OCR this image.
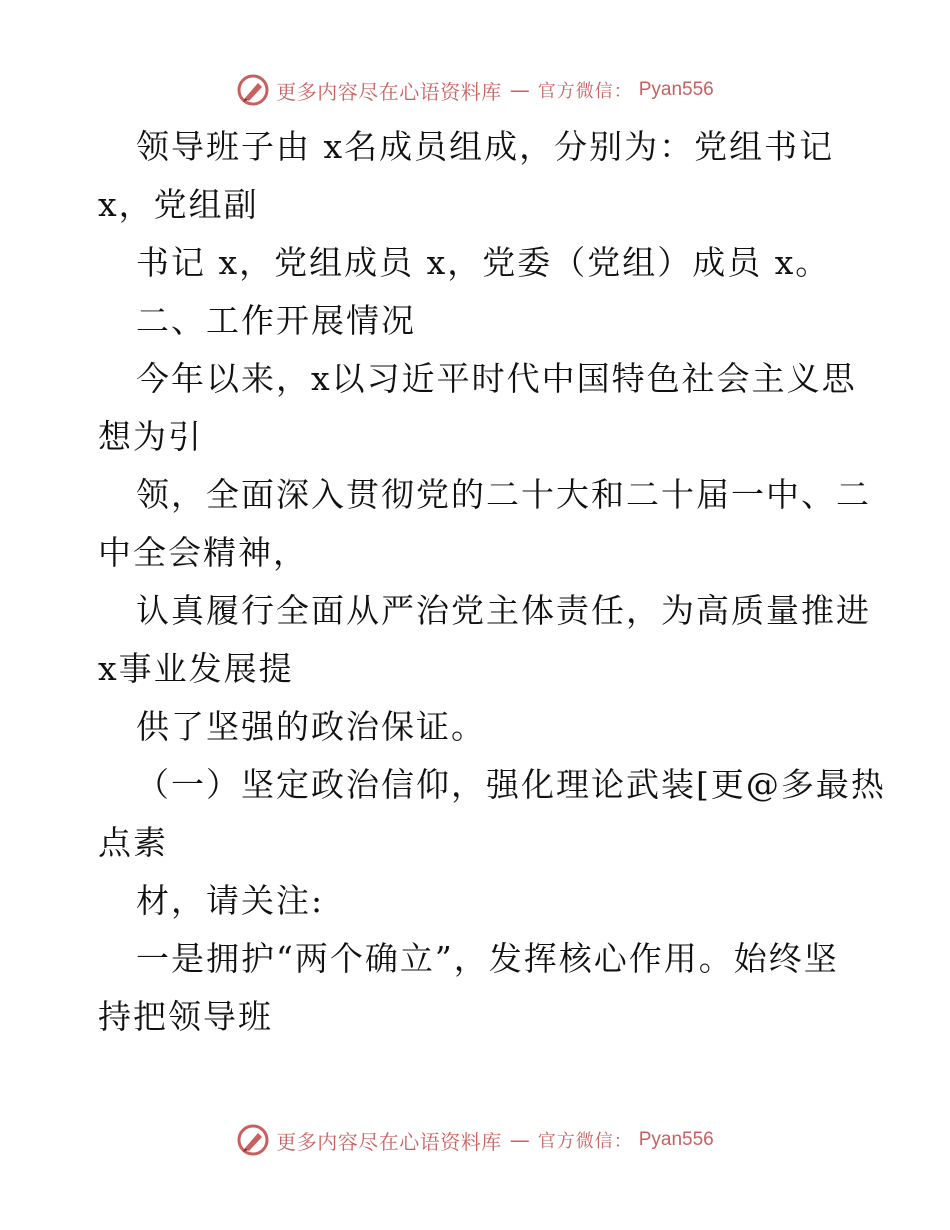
更多内容尽在心语资料库 — 官方微信： Pyan556
领导班子由 x名成员组成，分别为：党组书记
x，党组副
书记 x，党组成员 x，党委（党组）成员 x。
二、工作开展情况
今年以来，x以习近平时代中国特色社会主义思
想为引
领，全面深入贯彻党的二十大和二十届一中、二
中全会精神，
认真履行全面从严治党主体责任，为高质量推进
x事业发展提
供了坚强的政治保证。
（一）坚定政治信仰，强化理论武装[更@多最热
点素
材，请关注:
一是拥护“两个确立”，发挥核心作用。始终坚
持把领导班
更多内容尽在心语资料库 — 官方微信： Pyan556
